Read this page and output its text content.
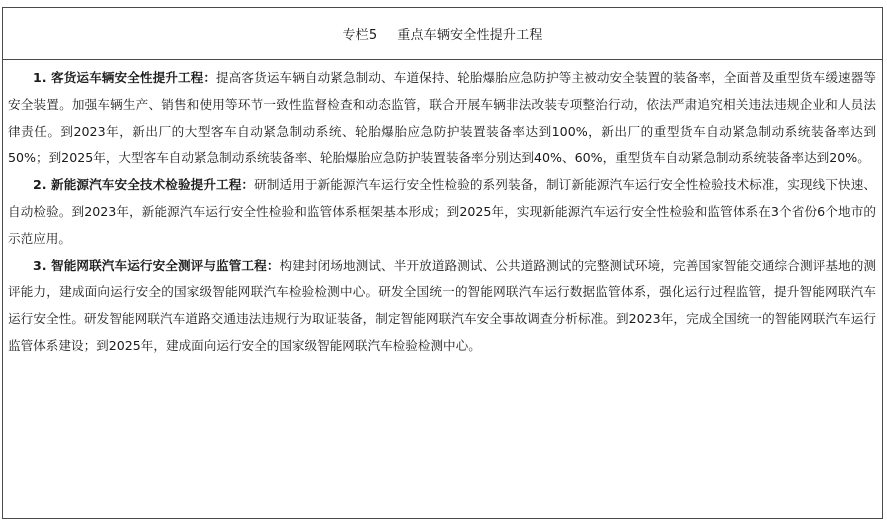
专栏5 重点车辆安全性提升工程

1. 客货运车辆安全性提升工程：提高客货运车辆自动紧急制动、车道保持、轮胎爆胎应急防护等主被动安全装置的装备率，全面普及重型货车缓速器等安全装置。加强车辆生产、销售和使用等环节一致性监督检查和动态监管，联合开展车辆非法改装专项整治行动，依法严肃追究相关违法违规企业和人员法律责任。到2023年，新出厂的大型客车自动紧急制动系统、轮胎爆胎应急防护装置装备率达到100%，新出厂的重型货车自动紧急制动系统装备率达到50%；到2025年，大型客车自动紧急制动系统装备率、轮胎爆胎应急防护装置装备率分别达到40%、60%，重型货车自动紧急制动系统装备率达到20%。

2. 新能源汽车安全技术检验提升工程：研制适用于新能源汽车运行安全性检验的系列装备，制订新能源汽车运行安全性检验技术标准，实现线下快速、自动检验。到2023年，新能源汽车运行安全性检验和监管体系框架基本形成；到2025年，实现新能源汽车运行安全性检验和监管体系在3个省份6个地市的示范应用。

3. 智能网联汽车运行安全测评与监管工程：构建封闭场地测试、半开放道路测试、公共道路测试的完整测试环境，完善国家智能交通综合测评基地的测评能力，建成面向运行安全的国家级智能网联汽车检验检测中心。研发全国统一的智能网联汽车运行数据监管体系，强化运行过程监管，提升智能网联汽车运行安全性。研发智能网联汽车道路交通违法违规行为取证装备，制定智能网联汽车安全事故调查分析标准。到2023年，完成全国统一的智能网联汽车运行监管体系建设；到2025年，建成面向运行安全的国家级智能网联汽车检验检测中心。
